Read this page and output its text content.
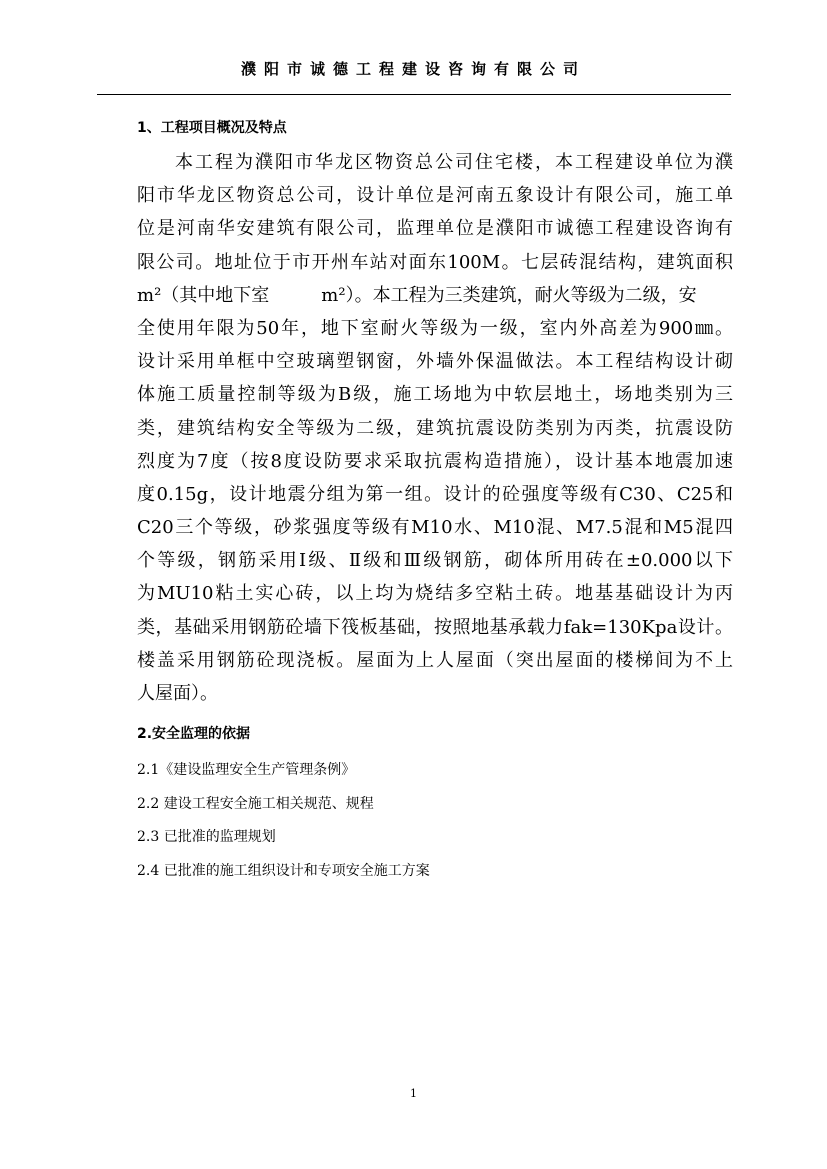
濮阳市诚德工程建设咨询有限公司
1、工程项目概况及特点
本工程为濮阳市华龙区物资总公司住宅楼，本工程建设单位为濮
阳市华龙区物资总公司，设计单位是河南五象设计有限公司，施工单
位是河南华安建筑有限公司，监理单位是濮阳市诚德工程建设咨询有
限公司。地址位于市开州车站对面东100M。七层砖混结构，建筑面积
m²（其中地下室	m²）。本工程为三类建筑，耐火等级为二级，安
全使用年限为50年，地下室耐火等级为一级，室内外高差为900㎜。
设计采用单框中空玻璃塑钢窗，外墙外保温做法。本工程结构设计砌
体施工质量控制等级为B级，施工场地为中软层地土，场地类别为三
类，建筑结构安全等级为二级，建筑抗震设防类别为丙类，抗震设防
烈度为7度（按8度设防要求采取抗震构造措施），设计基本地震加速
度0.15g，设计地震分组为第一组。设计的砼强度等级有C30、C25和
C20三个等级，砂浆强度等级有M10水、M10混、M7.5混和M5混四
个等级，钢筋采用Ⅰ级、Ⅱ级和Ⅲ级钢筋，砌体所用砖在±0.000以下
为MU10粘土实心砖，以上均为烧结多空粘土砖。地基基础设计为丙
类，基础采用钢筋砼墙下筏板基础，按照地基承载力fak=130Kpa设计。
楼盖采用钢筋砼现浇板。屋面为上人屋面（突出屋面的楼梯间为不上
人屋面）。
2.安全监理的依据
2.1《建设监理安全生产管理条例》
2.2 建设工程安全施工相关规范、规程
2.3 已批准的监理规划
2.4 已批准的施工组织设计和专项安全施工方案
1
